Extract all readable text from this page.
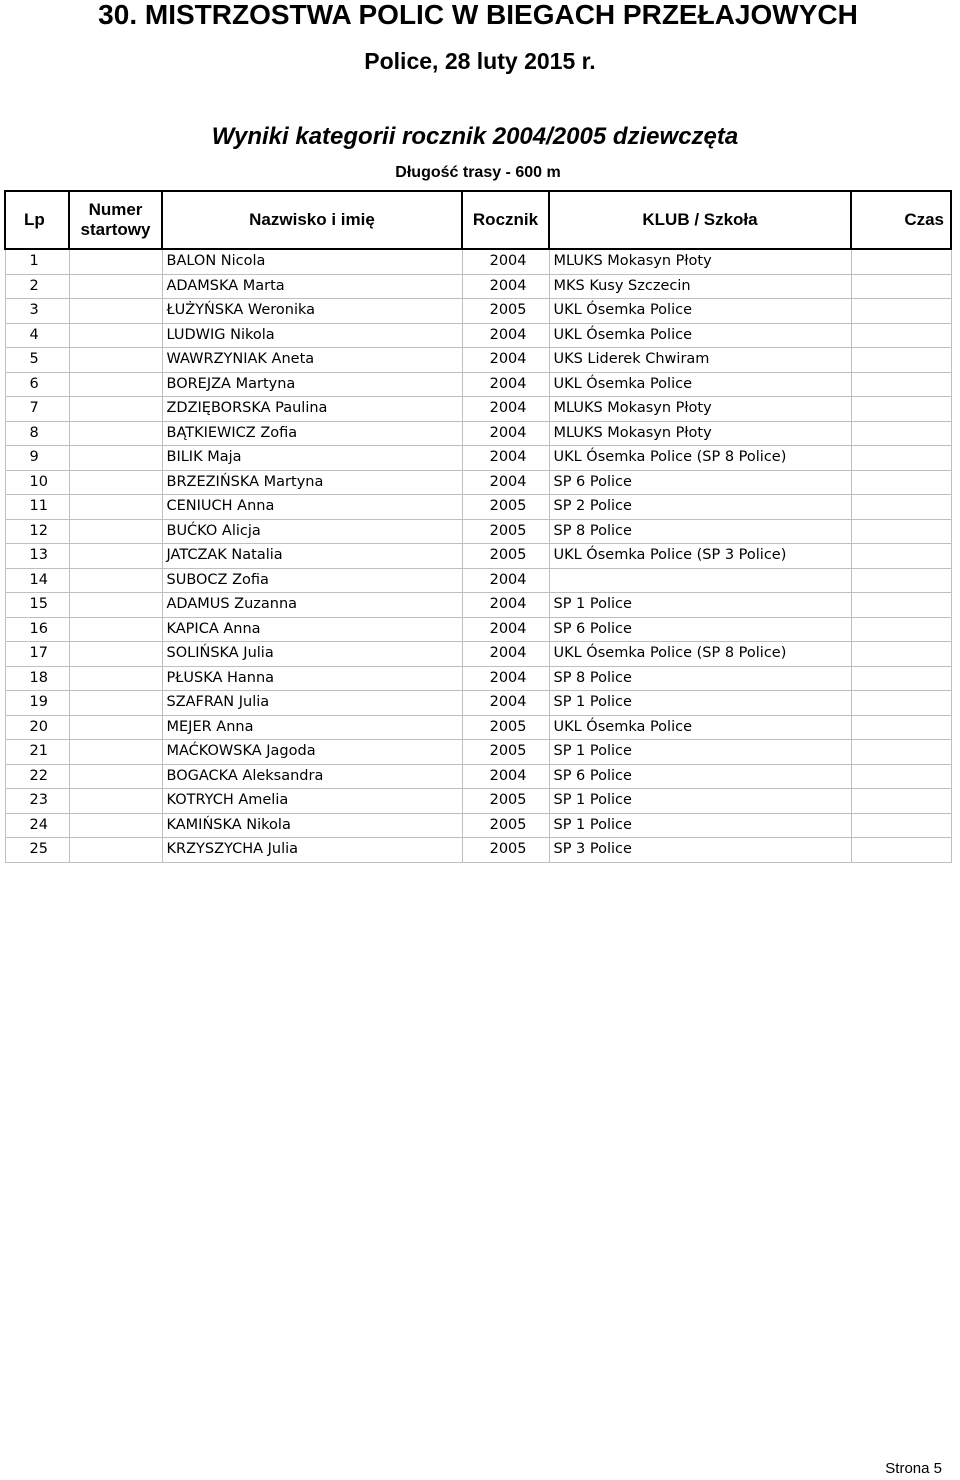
30. MISTRZOSTWA POLIC W BIEGACH PRZEŁAJOWYCH
Police, 28 luty 2015 r.
Wyniki kategorii rocznik 2004/2005 dziewczęta
Długość trasy - 600 m
Lp	Numer startowy	Nazwisko i imię	Rocznik	KLUB / Szkoła	Czas
1		BALON Nicola	2004	MLUKS Mokasyn Płoty	
2		ADAMSKA Marta	2004	MKS Kusy Szczecin	
3		ŁUŻYŃSKA Weronika	2005	UKL Ósemka Police	
4		LUDWIG Nikola	2004	UKL Ósemka Police	
5		WAWRZYNIAK Aneta	2004	UKS Liderek Chwiram	
6		BOREJZA Martyna	2004	UKL Ósemka Police	
7		ZDZIĘBORSKA Paulina	2004	MLUKS Mokasyn Płoty	
8		BĄTKIEWICZ Zofia	2004	MLUKS Mokasyn Płoty	
9		BILIK Maja	2004	UKL Ósemka Police (SP 8 Police)	
10		BRZEZIŃSKA Martyna	2004	SP 6 Police	
11		CENIUCH Anna	2005	SP 2 Police	
12		BUĆKO Alicja	2005	SP 8 Police	
13		JATCZAK Natalia	2005	UKL Ósemka Police (SP 3 Police)	
14		SUBOCZ Zofia	2004		
15		ADAMUS Zuzanna	2004	SP 1 Police	
16		KAPICA Anna	2004	SP 6 Police	
17		SOLIŃSKA Julia	2004	UKL Ósemka Police (SP 8 Police)	
18		PŁUSKA Hanna	2004	SP 8 Police	
19		SZAFRAN Julia	2004	SP 1 Police	
20		MEJER Anna	2005	UKL Ósemka Police	
21		MAĆKOWSKA Jagoda	2005	SP 1 Police	
22		BOGACKA Aleksandra	2004	SP 6 Police	
23		KOTRYCH Amelia	2005	SP 1 Police	
24		KAMIŃSKA Nikola	2005	SP 1 Police	
25		KRZYSZYCHA Julia	2005	SP 3 Police	
Strona 5
